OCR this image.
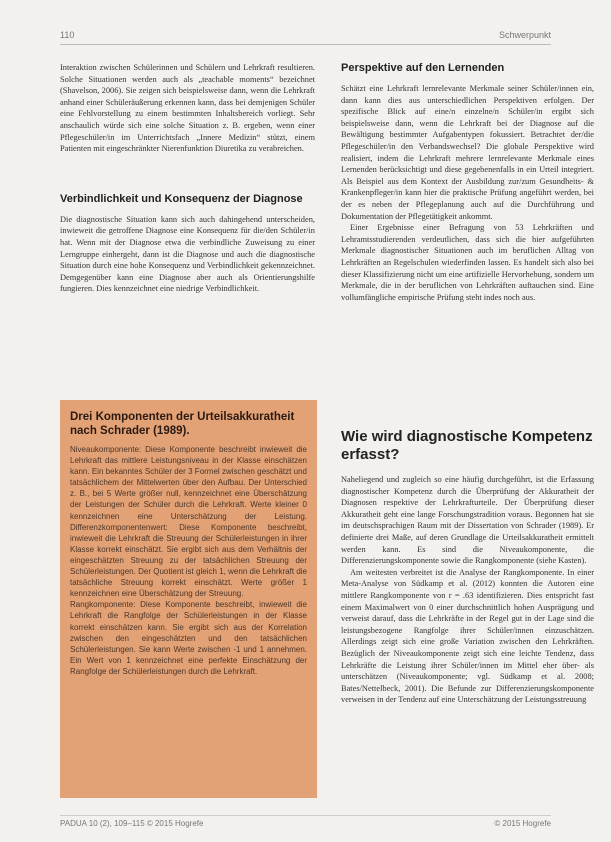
110	Schwerpunkt

Interaktion zwischen Schülerinnen und Schülern und Lehrkraft resultieren. Solche Situationen werden auch als „teachable moments“ bezeichnet (Shavelson, 2006). Sie zeigen sich beispielsweise dann, wenn die Lehrkraft anhand einer Schüleräußerung erkennen kann, dass bei demjenigen Schüler eine Fehlvorstellung zu einem bestimmten Inhaltsbereich vorliegt. Sehr anschaulich würde sich eine solche Situation z. B. ergeben, wenn einer Pflegeschüler/in im Unterrichtsfach „Innere Medizin“ stützt, einem Patienten mit eingeschränkter Nierenfunktion Diuretika zu verabreichen.

Verbindlichkeit und Konsequenz der Diagnose

Die diagnostische Situation kann sich auch dahingehend unterscheiden, inwieweit die getroffene Diagnose eine Konsequenz für die/den Schüler/in hat. Wenn mit der Diagnose etwa die verbindliche Zuweisung zu einer Lerngruppe einhergeht, dann ist die Diagnose und auch die diagnostische Situation durch eine hohe Konsequenz und Verbindlichkeit gekennzeichnet. Demgegenüber kann eine Diagnose aber auch als Orientierungshilfe fungieren. Dies kennzeichnet eine niedrige Verbindlichkeit.

Drei Komponenten der Urteilsakkuratheit nach Schrader (1989).

Niveaukomponente: Diese Komponente beschreibt inwieweit die Lehrkraft das mittlere Leistungsniveau in der Klasse einschätzen kann. Ein bekanntes Schüler der 3 Formel zwischen geschätzt und tatsächlichem der Mittelwerten über den Aufbau. Der Unterschied z. B., bei 5 Werte größer null, kennzeichnet eine Überschätzung der Leistungen der Schüler durch die Lehrkraft. Werte kleiner 0 kennzeichnen eine Unterschätzung der Leistung. Differenzkomponentenwert: Diese Komponente beschreibt, inwieweit die Lehrkraft die Streuung der Schülerleistungen in ihrer Klasse korrekt einschätzt. Sie ergibt sich aus dem Verhältnis der eingeschätzten Streuung zu der tatsächlichen Streuung der Schülerleistungen. Der Quotient ist gleich 1, wenn die Lehrkraft die tatsächliche Streuung korrekt einschätzt. Werte größer 1 kennzeichnen eine Überschätzung der Streuung.

Rangkomponente: Diese Komponente beschreibt, inwieweit die Lehrkraft die Rangfolge der Schülerleistungen in der Klasse korrekt einschätzen kann. Sie ergibt sich aus der Korrelation zwischen den eingeschätzten und den tatsächlichen Schülerleistungen. Sie kann Werte zwischen -1 und 1 annehmen. Ein Wert von 1 kennzeichnet eine perfekte Einschätzung der Rangfolge der Schülerleistungen durch die Lehrkraft.

Perspektive auf den Lernenden

Schätzt eine Lehrkraft lernrelevante Merkmale seiner Schüler/innen ein, dann kann dies aus unterschiedlichen Perspektiven erfolgen. Der spezifische Blick auf eine/n einzelne/n Schüler/in ergibt sich beispielsweise dann, wenn die Lehrkraft bei der Diagnose auf die Bewältigung bestimmter Aufgabentypen fokussiert. Betrachtet der/die Pflegeschüler/in den Verbandswechsel? Die globale Perspektive wird realisiert, indem die Lehrkraft mehrere lernrelevante Merkmale eines Lernenden berücksichtigt und diese gegebenenfalls in ein Urteil integriert. Als Beispiel aus dem Kontext der Ausbildung zur/zum Gesundheits- & Krankenpfleger/in kann hier die praktische Prüfung angeführt werden, bei der es neben der Pflegeplanung auch auf die Durchführung und Dokumentation der Pflegetätigkeit ankommt.

Einer Ergebnisse einer Befragung von 53 Lehrkräften und Lehramtsstudierenden verdeutlichen, dass sich die hier aufgeführten Merkmale diagnostischer Situationen auch im beruflichen Alltag von Lehrkräften an Regelschulen wiederfinden lassen. Es handelt sich also bei dieser Klassifizierung nicht um eine artifizielle Hervorhebung, sondern um Merkmale, die in der beruflichen von Lehrkräften auftauchen sind. Eine vollumfängliche empirische Prüfung steht indes noch aus.

Wie wird diagnostische Kompetenz erfasst?

Naheliegend und zugleich so eine häufig durchgeführt, ist die Erfassung diagnostischer Kompetenz durch die Überprüfung der Akkuratheit der Diagnosen respektive der Lehrkrafturteile. Der Überprüfung dieser Akkuratheit geht eine lange Forschungstradition voraus. Begonnen hat sie im deutschsprachigen Raum mit der Dissertation von Schrader (1989). Er definierte drei Maße, auf deren Grundlage die Urteilsakkuratheit ermittelt werden kann. Es sind die Niveaukomponente, die Differenzierungskomponente sowie die Rangkomponente (siehe Kasten).

Am weitesten verbreitet ist die Analyse der Rangkomponente. In einer Meta-Analyse von Südkamp et al. (2012) konnten die Autoren eine mittlere Rangkomponente von r = .63 identifizieren. Dies entspricht fast einem Maximalwert von 0 einer durchschnittlich hohen Ausprägung und verweist darauf, dass die Lehrkräfte in der Regel gut in der Lage sind die leistungsbezogene Rangfolge ihrer Schüler/innen einzuschätzen. Allerdings zeigt sich eine große Variation zwischen den Lehrkräften. Bezüglich der Niveaukomponente zeigt sich eine leichte Tendenz, dass Lehrkräfte die Leistung ihrer Schüler/innen im Mittel eher über- als unterschätzen (Niveaukomponente; vgl. Südkamp et al. 2008; Bates/Nettelbeck, 2001). Die Befunde zur Differenzierungskomponente verweisen in der Tendenz auf eine Unterschätzung der Leistungsstreuung

PADUA 10 (2), 109–115 © 2015 Hogrefe	© 2015 Hogrefe
